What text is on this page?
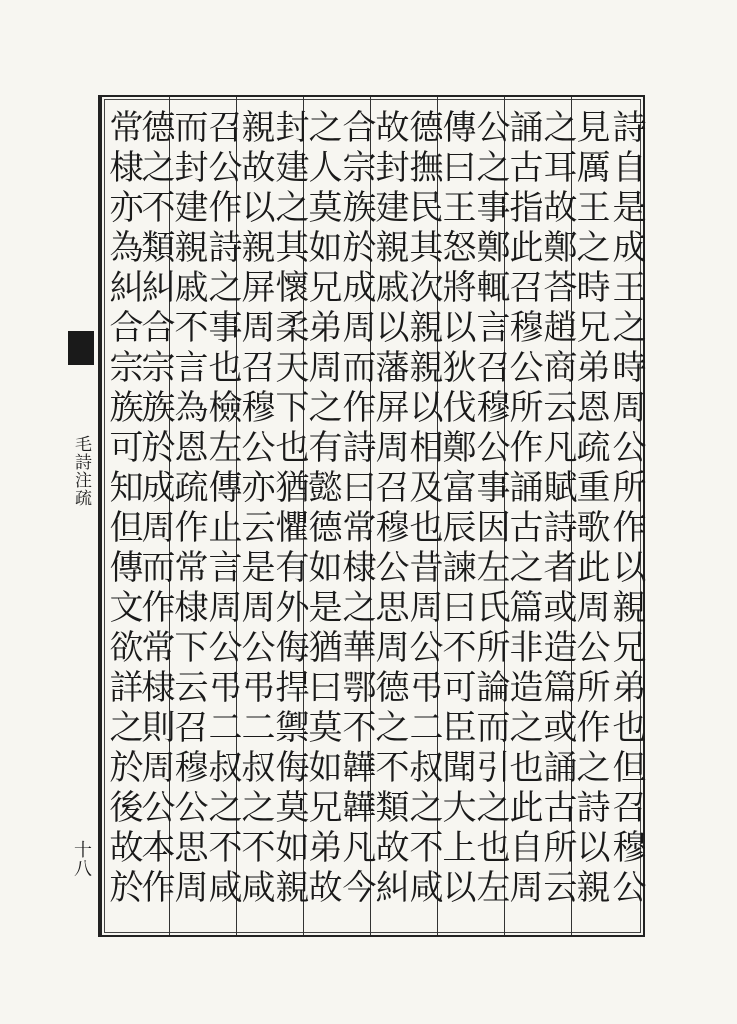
毛詩注疏
十八	詩自是成王之時周公所作以親兄弟也但召穆公
見厲王之時兄弟恩疏重歌此周公所作之詩以親
之耳故鄭荅趙商云凡賦詩者或造篇或誦古所云
誦古指此召穆公所作誦古之篇非造之也此自周
公之事鄭輒言召穆公事因左氏所論而引之也左
傳曰王怒將以狄伐鄭富辰諫曰不可臣聞大上以
德撫民其次親親以相及也昔周公弔二叔之不咸
故封建親戚以藩屏周召穆公思周德之不類故糾
合宗族於成周而作詩曰常棣之華鄂不韡韡凡今
之人莫如兄弟周之有懿德如是猶曰莫如兄弟故
封建之其懷柔天下也猶懼有外侮捍禦侮莫如親
親故以親屏周召穆公亦云是周公弔二叔之不咸
召公作詩之事也檢左傳止言周公弔二叔之不咸
而封建親戚不言為恩疏作常棣下云召穆公思周
德之不類糾合宗族於成周而作常棣則周公本作
常棣亦為糾合宗族可知但傳文欲詳之於後故於
